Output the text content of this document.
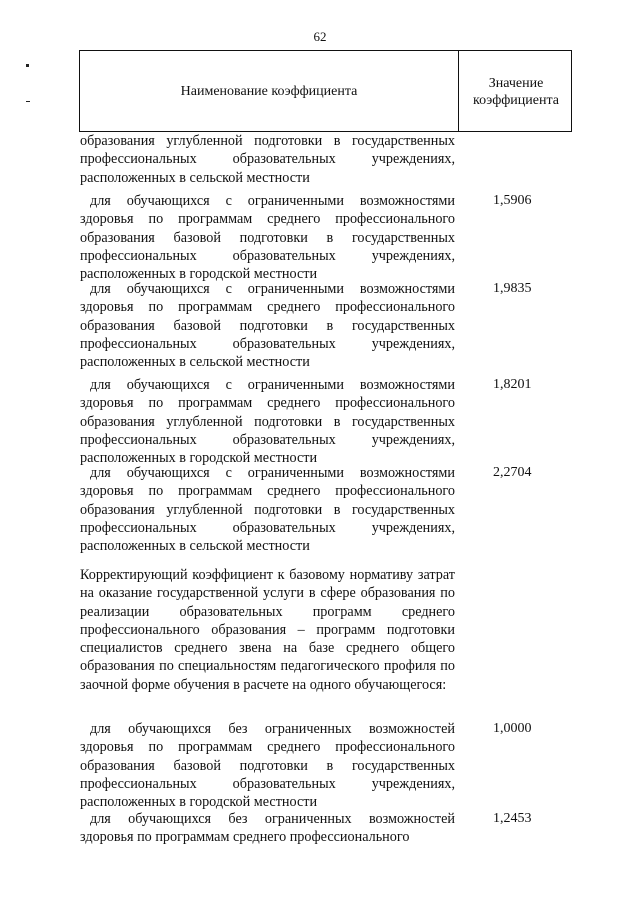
62
Наименование коэффициента
Значение
коэффициента
образования углубленной подготовки в государственных профессиональных образовательных учреждениях, расположенных в сельской местности
для обучающихся с ограниченными возможностями здоровья по программам среднего профессионального образования базовой подготовки в государственных профессиональных образовательных учреждениях, расположенных в городской местности
1,5906
для обучающихся с ограниченными возможностями здоровья по программам среднего профессионального образования базовой подготовки в государственных профессиональных образовательных учреждениях, расположенных в сельской местности
1,9835
для обучающихся с ограниченными возможностями здоровья по программам среднего профессионального образования углубленной подготовки в государственных профессиональных образовательных учреждениях, расположенных в городской местности
1,8201
для обучающихся с ограниченными возможностями здоровья по программам среднего профессионального образования углубленной подготовки в государственных профессиональных образовательных учреждениях, расположенных в сельской местности
2,2704
Корректирующий коэффициент к базовому нормативу затрат на оказание государственной услуги в сфере образования по реализации образовательных программ среднего профессионального образования – программ подготовки специалистов среднего звена на базе среднего общего образования по специальностям педагогического профиля по заочной форме обучения в расчете на одного обучающегося:
для обучающихся без ограниченных возможностей здоровья по программам среднего профессионального образования базовой подготовки в государственных профессиональных образовательных учреждениях, расположенных в городской местности
1,0000
для обучающихся без ограниченных возможностей здоровья по программам среднего профессионального
1,2453
